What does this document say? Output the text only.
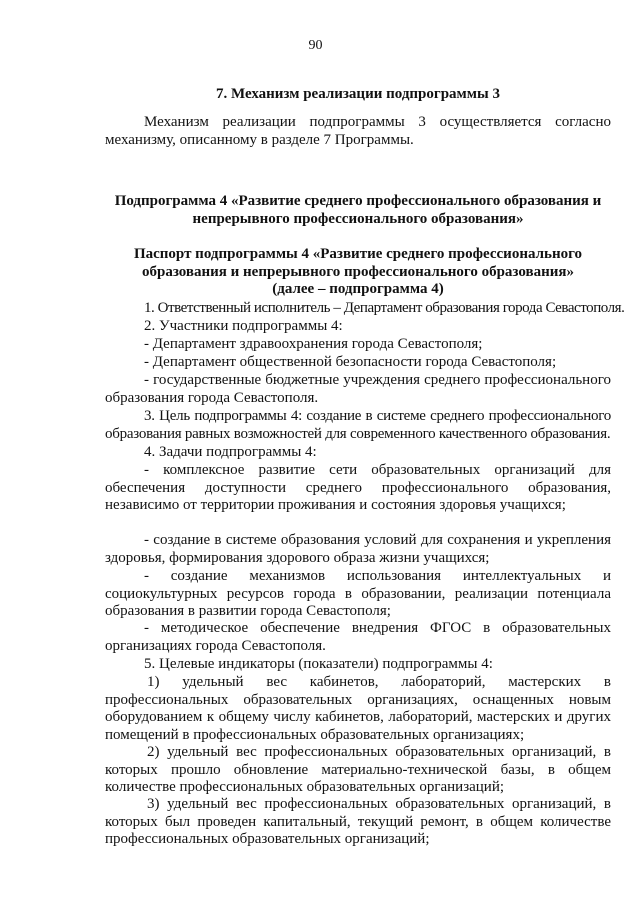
90
7. Механизм реализации подпрограммы 3

Механизм реализации подпрограммы 3 осуществляется согласно механизму, описанному в разделе 7 Программы.

Подпрограмма 4 «Развитие среднего профессионального образования и непрерывного профессионального образования»
Паспорт подпрограммы 4 «Развитие среднего профессионального образования и непрерывного профессионального образования» (далее – подпрограмма 4)

1. Ответственный исполнитель – Департамент образования города Севастополя.

2. Участники подпрограммы 4:

- Департамент здравоохранения города Севастополя;

- Департамент общественной безопасности города Севастополя;

- государственные бюджетные учреждения среднего профессионального образования города Севастополя.

3. Цель подпрограммы 4: создание в системе среднего профессионального образования равных возможностей для современного качественного образования.

4. Задачи подпрограммы 4:

- комплексное развитие сети образовательных организаций для обеспечения доступности среднего профессионального образования, независимо от территории проживания и состояния здоровья учащихся;

- создание в системе образования условий для сохранения и укрепления здоровья, формирования здорового образа жизни учащихся;

- создание механизмов использования интеллектуальных и социокультурных ресурсов города в образовании, реализации потенциала образования в развитии города Севастополя;

- методическое обеспечение внедрения ФГОС в образовательных организациях города Севастополя.

5. Целевые индикаторы (показатели) подпрограммы 4:

1) удельный вес кабинетов, лабораторий, мастерских в профессиональных образовательных организациях, оснащенных новым оборудованием к общему числу кабинетов, лабораторий, мастерских и других помещений в профессиональных образовательных организациях;

2) удельный вес профессиональных образовательных организаций, в которых прошло обновление материально-технической базы, в общем количестве профессиональных образовательных организаций;

3) удельный вес профессиональных образовательных организаций, в которых был проведен капитальный, текущий ремонт, в общем количестве профессиональных образовательных организаций;
